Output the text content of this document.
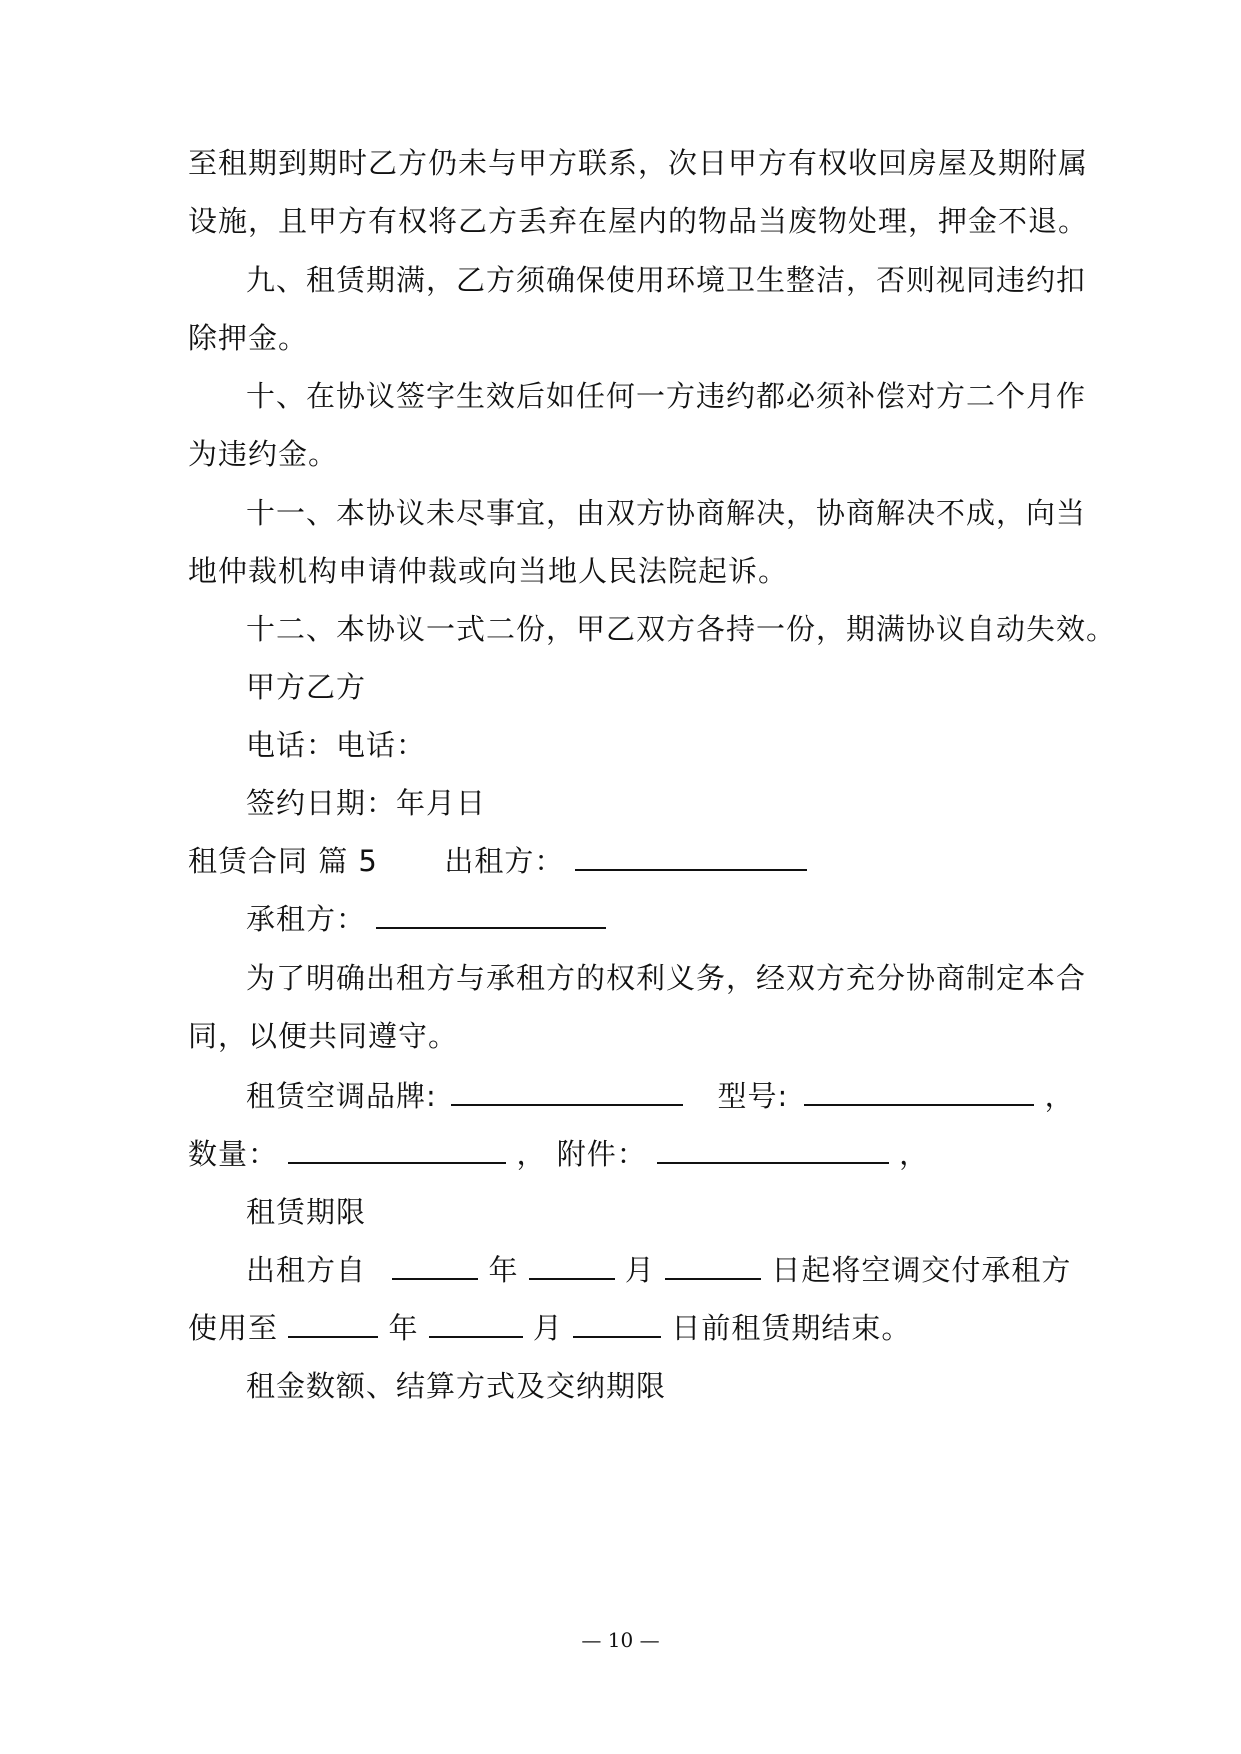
至租期到期时乙方仍未与甲方联系，次日甲方有权收回房屋及期附属
设施，且甲方有权将乙方丢弃在屋内的物品当废物处理，押金不退。
九、租赁期满，乙方须确保使用环境卫生整洁，否则视同违约扣
除押金。
十、在协议签字生效后如任何一方违约都必须补偿对方二个月作
为违约金。
十一、本协议未尽事宜，由双方协商解决，协商解决不成，向当
地仲裁机构申请仲裁或向当地人民法院起诉。
十二、本协议一式二份，甲乙双方各持一份，期满协议自动失效。
甲方乙方
电话：电话：
签约日期：年月日
租赁合同 篇 5 出租方：
承租方：
为了明确出租方与承租方的权利义务，经双方充分协商制定本合
同，以便共同遵守。
租赁空调品牌:	型号:	，
数量：	， 附件：	，
租赁期限
出租方自	年	月	日起将空调交付承租方
使用至	年	月	日前租赁期结束。
租金数额、结算方式及交纳期限
— 10 —
